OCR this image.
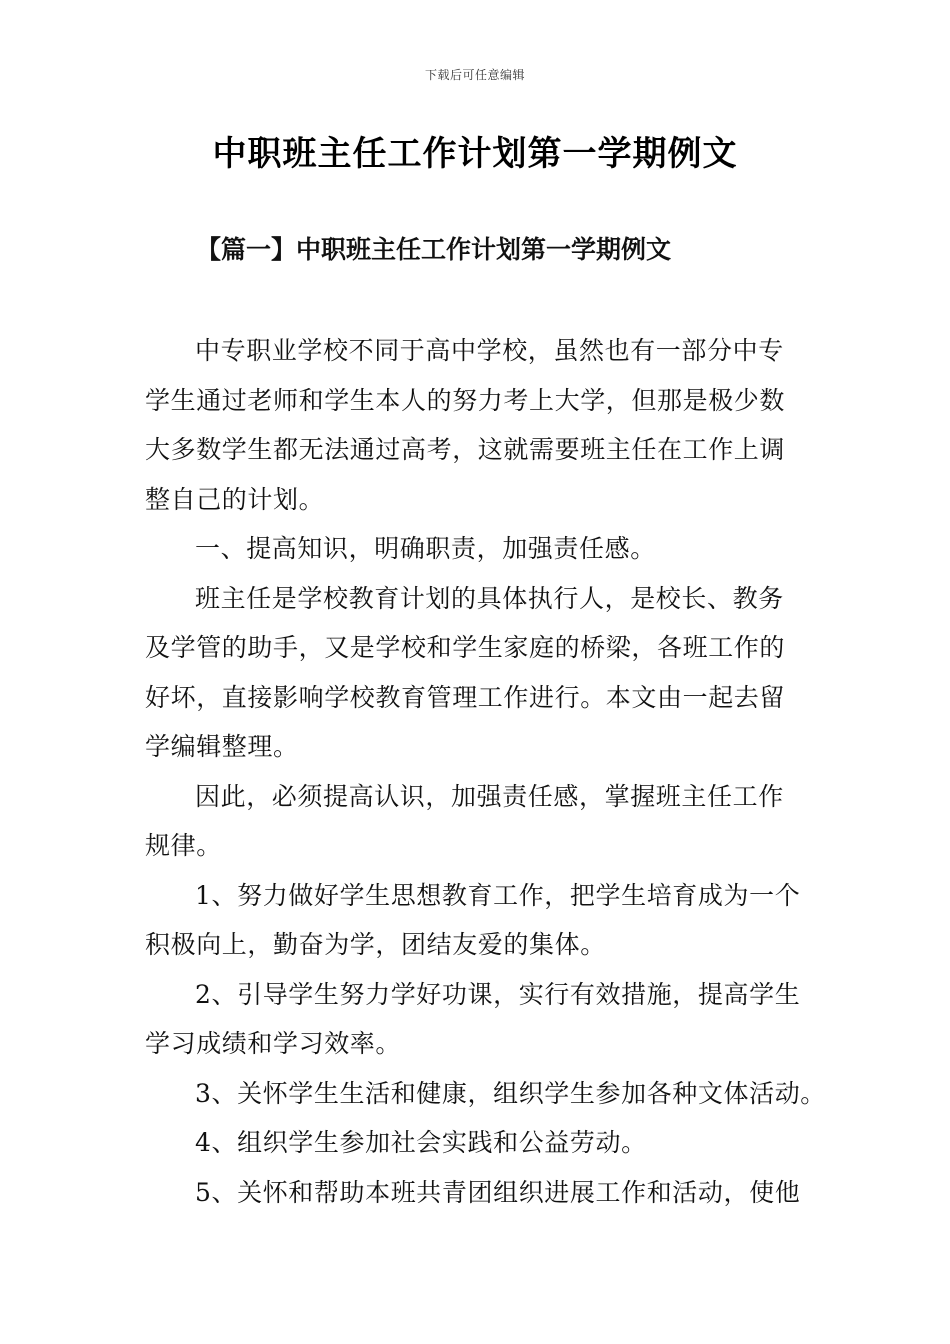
下载后可任意编辑
中职班主任工作计划第一学期例文
【篇一】中职班主任工作计划第一学期例文

中专职业学校不同于高中学校，虽然也有一部分中专
学生通过老师和学生本人的努力考上大学，但那是极少数
大多数学生都无法通过高考，这就需要班主任在工作上调
整自己的计划。

一、提高知识，明确职责，加强责任感。

班主任是学校教育计划的具体执行人，是校长、教务
及学管的助手，又是学校和学生家庭的桥梁，各班工作的
好坏，直接影响学校教育管理工作进行。本文由一起去留
学编辑整理。

因此，必须提高认识，加强责任感，掌握班主任工作
规律。

1、努力做好学生思想教育工作，把学生培育成为一个
积极向上，勤奋为学，团结友爱的集体。

2、引导学生努力学好功课，实行有效措施，提高学生
学习成绩和学习效率。

3、关怀学生生活和健康，组织学生参加各种文体活动。

4、组织学生参加社会实践和公益劳动。

5、关怀和帮助本班共青团组织进展工作和活动，使他
